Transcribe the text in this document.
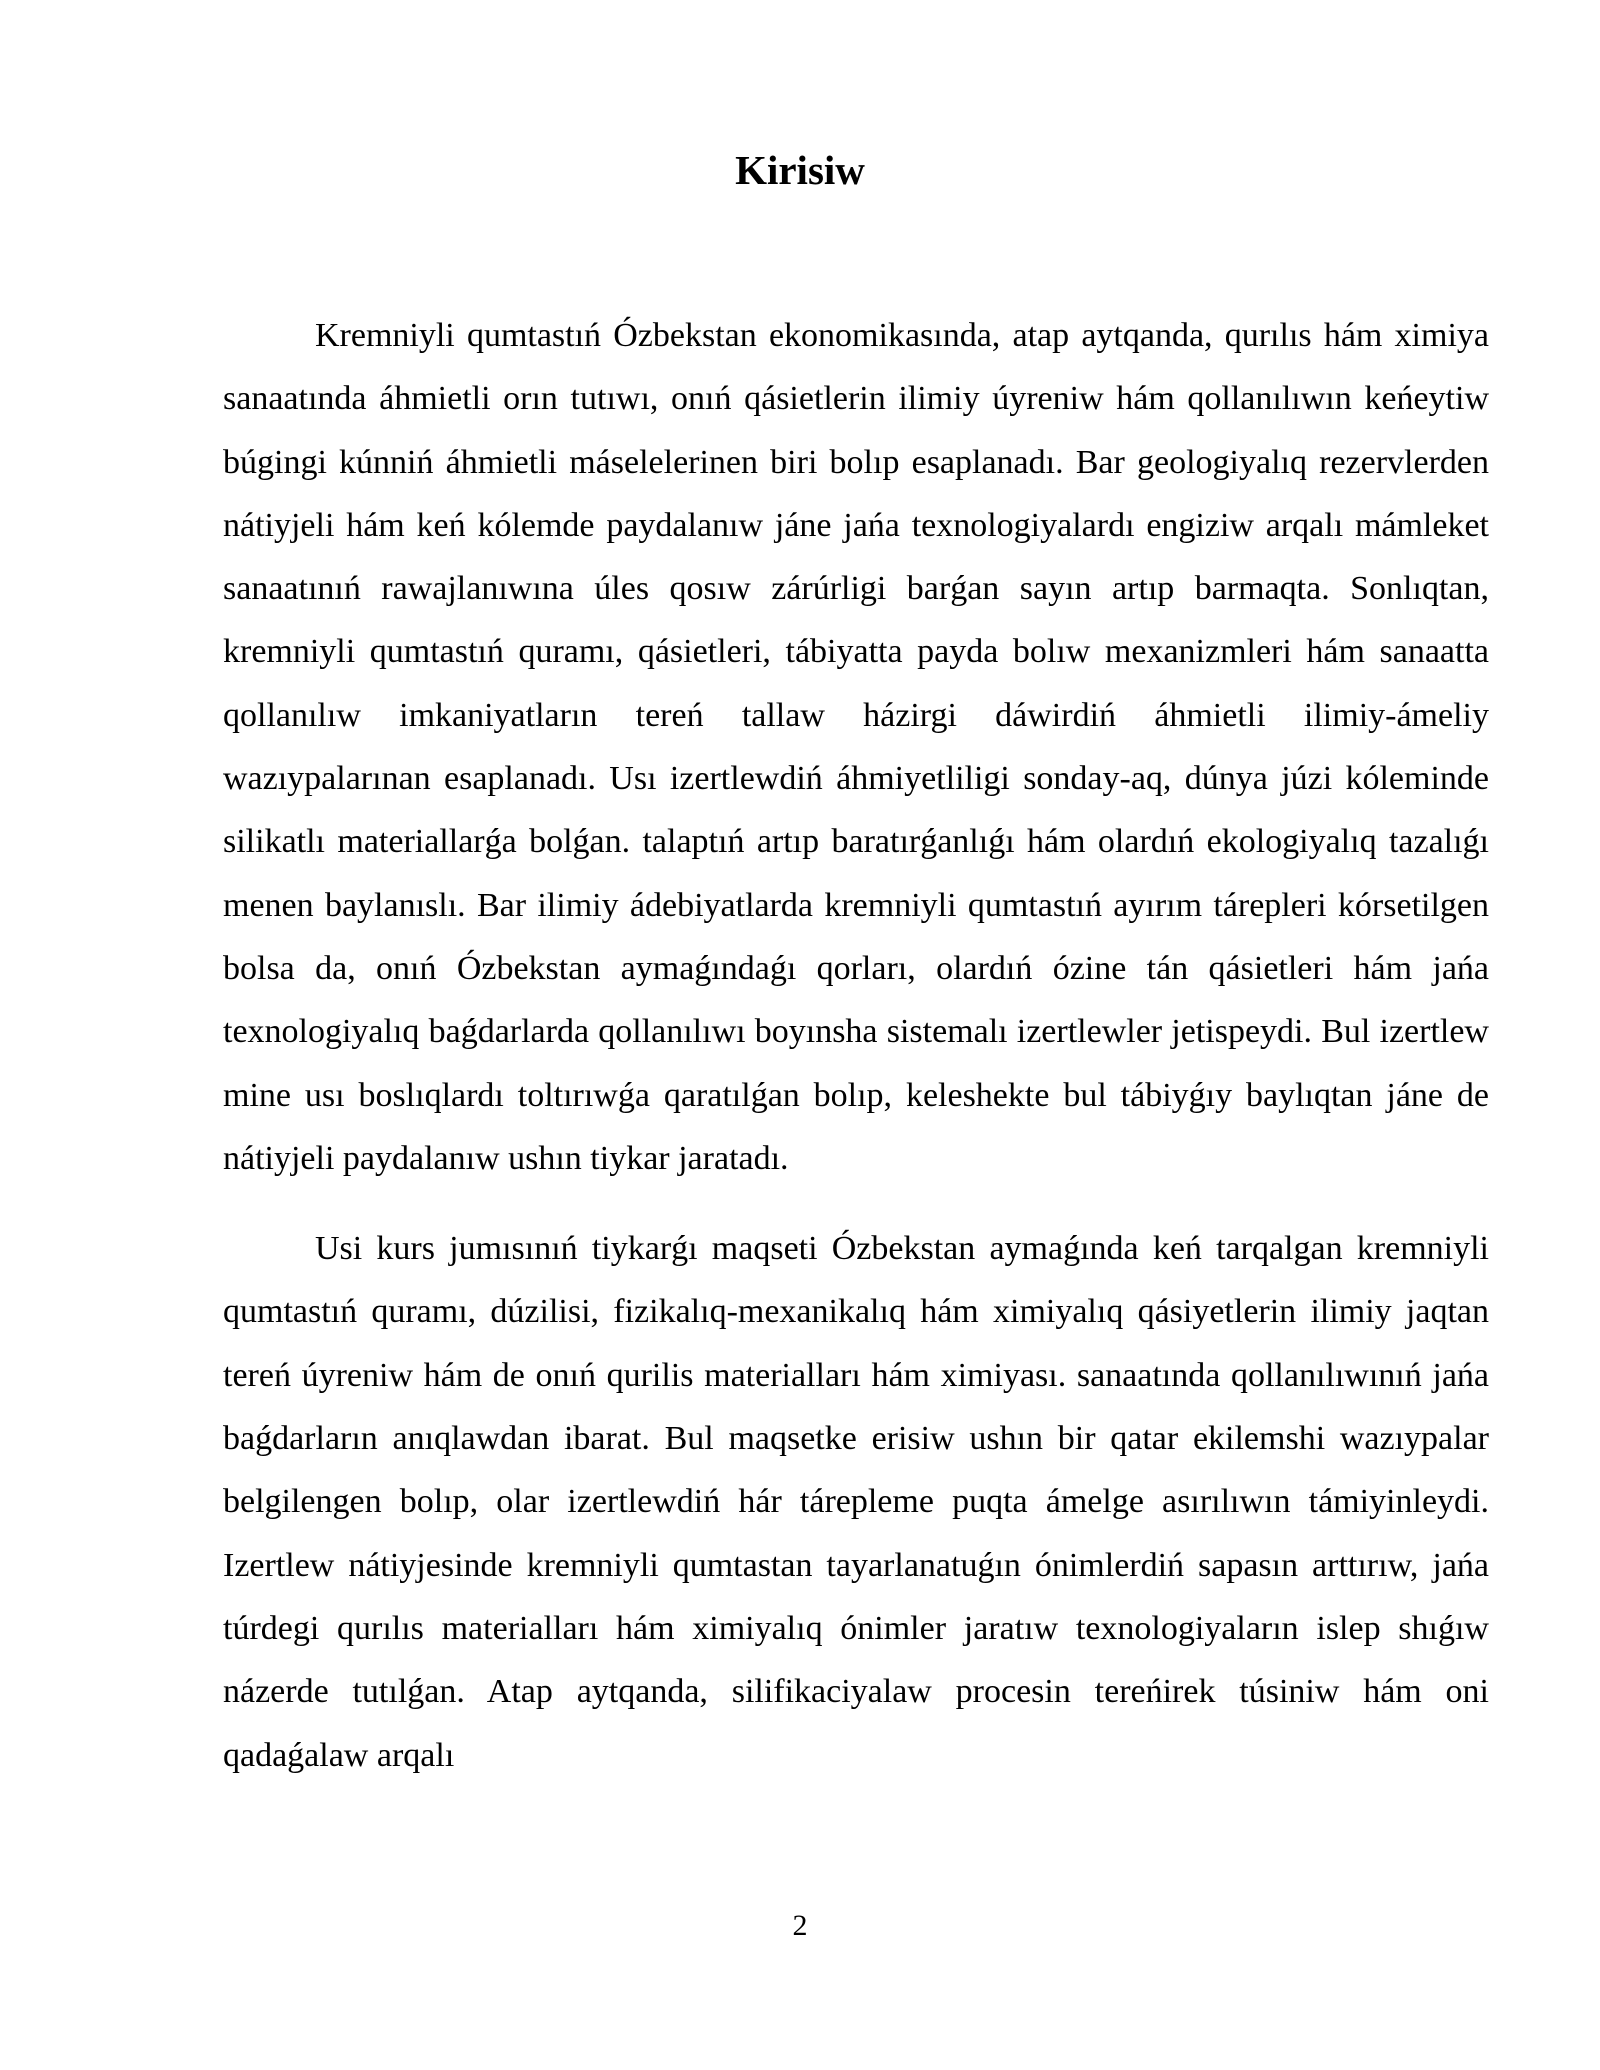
Kirisiw

Kremniyli qumtastıń Ózbekstan ekonomikasında, atap aytqanda, qurılıs hám ximiya sanaatında áhmietli orın tutıwı, onıń qásietlerin ilimiy úyreniw hám qollanılıwın keńeytiw búgingi kúnniń áhmietli máselelerinen biri bolıp esaplanadı. Bar geologiyalıq rezervlerden nátiyjeli hám keń kólemde paydalanıw jáne jańa texnologiyalardı engiziw arqalı mámleket sanaatınıń rawajlanıwına úles qosıw zárúrligi barǵan sayın artıp barmaqta. Sonlıqtan, kremniyli qumtastıń quramı, qásietleri, tábiyatta payda bolıw mexanizmleri hám sanaatta qollanılıw imkaniyatların tereń tallaw házirgi dáwirdiń áhmietli ilimiy-ámeliy wazıypalarınan esaplanadı. Usı izertlewdiń áhmiyetliligi sonday-aq, dúnya júzi kóleminde silikatlı materiallarǵa bolǵan. talaptıń artıp baratırǵanlıǵı hám olardıń ekologiyalıq tazalıǵı menen baylanıslı. Bar ilimiy ádebiyatlarda kremniyli qumtastıń ayırım tárepleri kórsetilgen bolsa da, onıń Ózbekstan aymaǵındaǵı qorları, olardıń ózine tán qásietleri hám jańa texnologiyalıq baǵdarlarda qollanılıwı boyınsha sistemalı izertlewler jetispeydi. Bul izertlew mine usı boslıqlardı toltırıwǵa qaratılǵan bolıp, keleshekte bul tábiyǵıy baylıqtan jáne de nátiyjeli paydalanıw ushın tiykar jaratadı.

Usi kurs jumısınıń tiykarǵı maqseti Ózbekstan aymaǵında keń tarqalgan kremniyli qumtastıń quramı, dúzilisi, fizikalıq-mexanikalıq hám ximiyalıq qásiyetlerin ilimiy jaqtan tereń úyreniw hám de onıń qurilis materialları hám ximiyası. sanaatında qollanılıwınıń jańa baǵdarların anıqlawdan ibarat. Bul maqsetke erisiw ushın bir qatar ekilemshi wazıypalar belgilengen bolıp, olar izertlewdiń hár tárepleme puqta ámelge asırılıwın támiyinleydi. Izertlew nátiyjesinde kremniyli qumtastan tayarlanatuǵın ónimlerdiń sapasın arttırıw, jańa túrdegi qurılıs materialları hám ximiyalıq ónimler jaratıw texnologiyaların islep shıǵıw názerde tutılǵan. Atap aytqanda, silifikaciyalaw procesin tereńirek túsiniw hám oni qadaǵalaw arqalı

2
